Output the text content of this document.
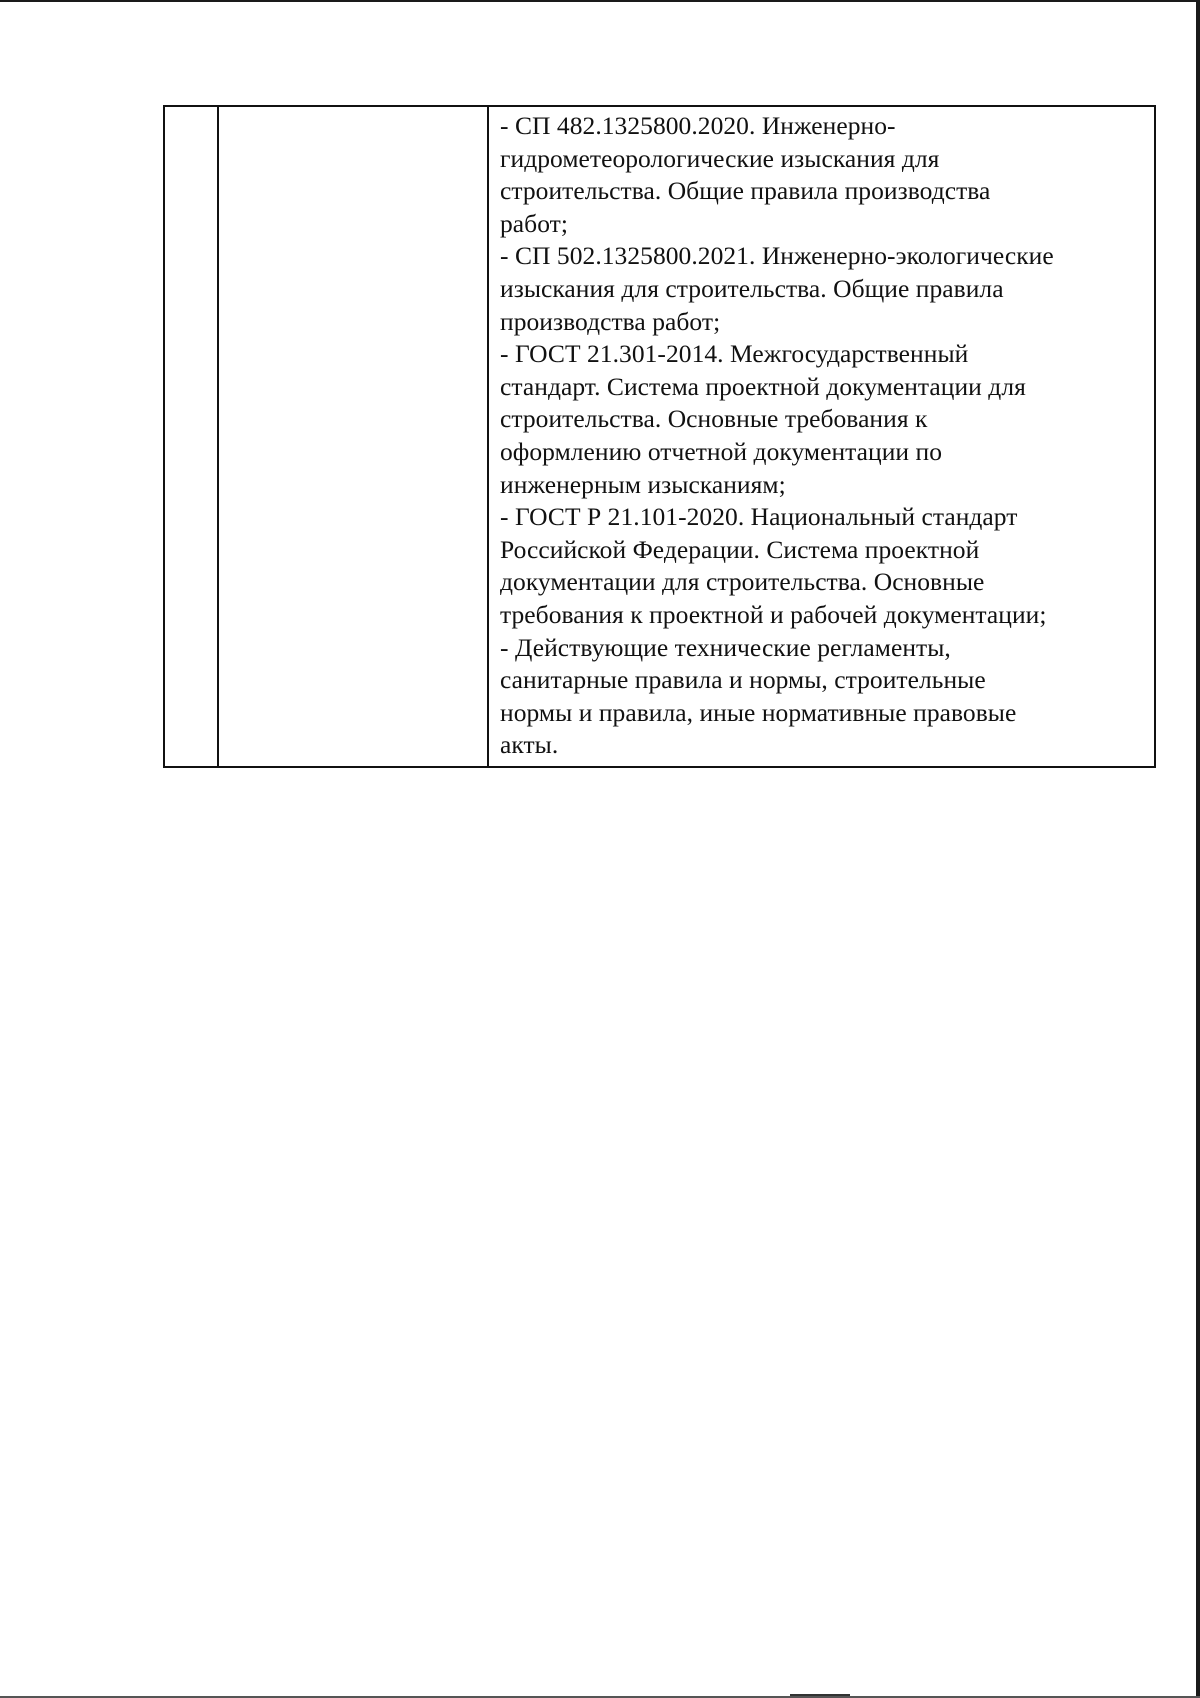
- СП 482.1325800.2020. Инженерно-
гидрометеорологические изыскания для
строительства. Общие правила производства
работ;
- СП 502.1325800.2021. Инженерно-экологические
изыскания для строительства. Общие правила
производства работ;
- ГОСТ 21.301-2014. Межгосударственный
стандарт. Система проектной документации для
строительства. Основные требования к
оформлению отчетной документации по
инженерным изысканиям;
- ГОСТ Р 21.101-2020. Национальный стандарт
Российской Федерации. Система проектной
документации для строительства. Основные
требования к проектной и рабочей документации;
- Действующие технические регламенты,
санитарные правила и нормы, строительные
нормы и правила, иные нормативные правовые
акты.
